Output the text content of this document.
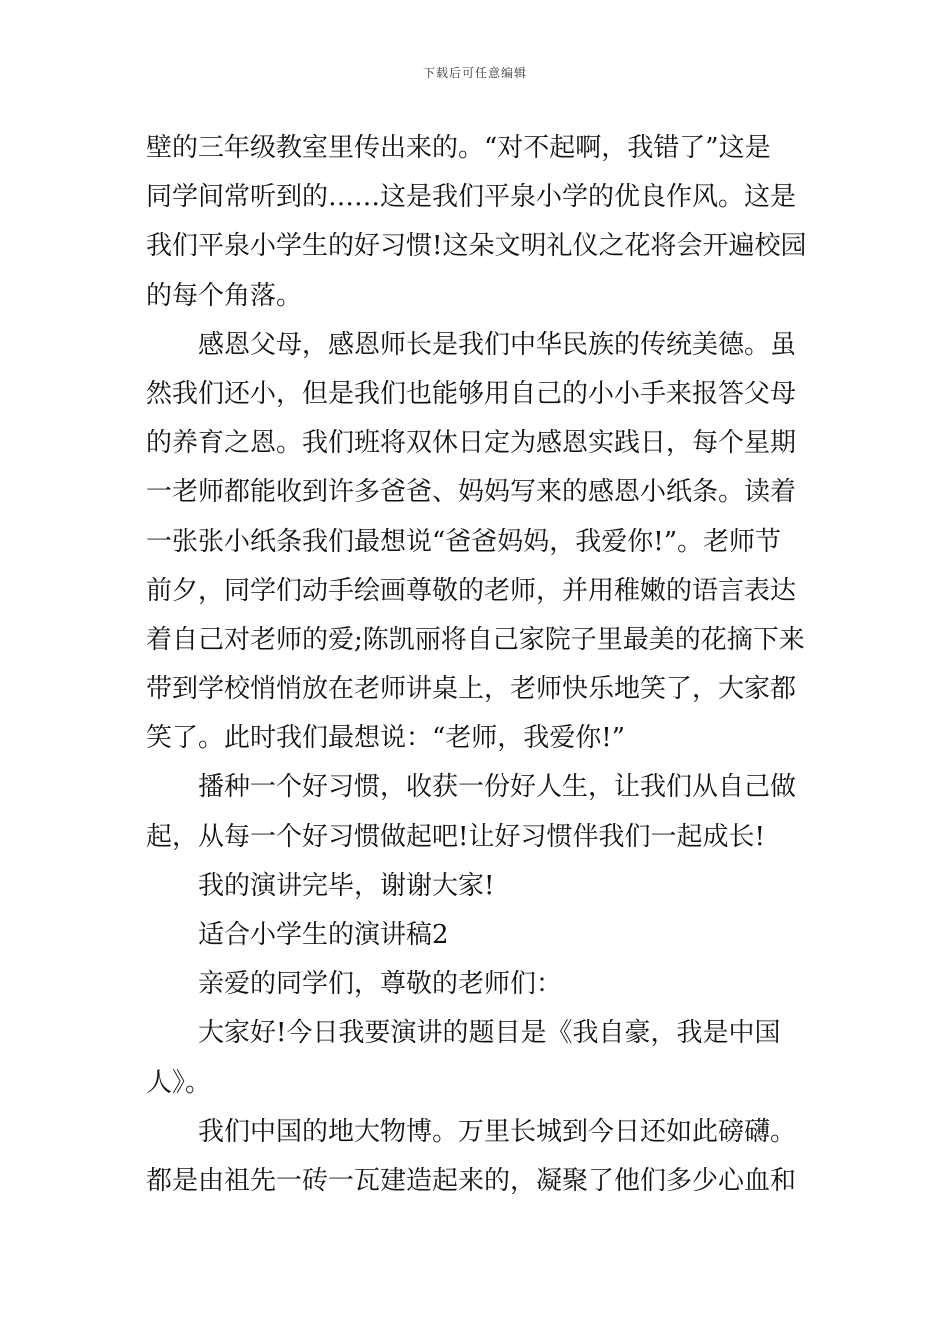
下载后可任意编辑
壁的三年级教室里传出来的。“对不起啊，我错了”这是
同学间常听到的……这是我们平泉小学的优良作风。这是
我们平泉小学生的好习惯!这朵文明礼仪之花将会开遍校园
的每个角落。
感恩父母，感恩师长是我们中华民族的传统美德。虽
然我们还小，但是我们也能够用自己的小小手来报答父母
的养育之恩。我们班将双休日定为感恩实践日，每个星期
一老师都能收到许多爸爸、妈妈写来的感恩小纸条。读着
一张张小纸条我们最想说“爸爸妈妈，我爱你!”。老师节
前夕，同学们动手绘画尊敬的老师，并用稚嫩的语言表达
着自己对老师的爱;陈凯丽将自己家院子里最美的花摘下来
带到学校悄悄放在老师讲桌上，老师快乐地笑了，大家都
笑了。此时我们最想说：“老师，我爱你!”
播种一个好习惯，收获一份好人生，让我们从自己做
起，从每一个好习惯做起吧!让好习惯伴我们一起成长!
我的演讲完毕，谢谢大家!
适合小学生的演讲稿2
亲爱的同学们，尊敬的老师们：
大家好!今日我要演讲的题目是《我自豪，我是中国
人》。
我们中国的地大物博。万里长城到今日还如此磅礴。
都是由祖先一砖一瓦建造起来的，凝聚了他们多少心血和
